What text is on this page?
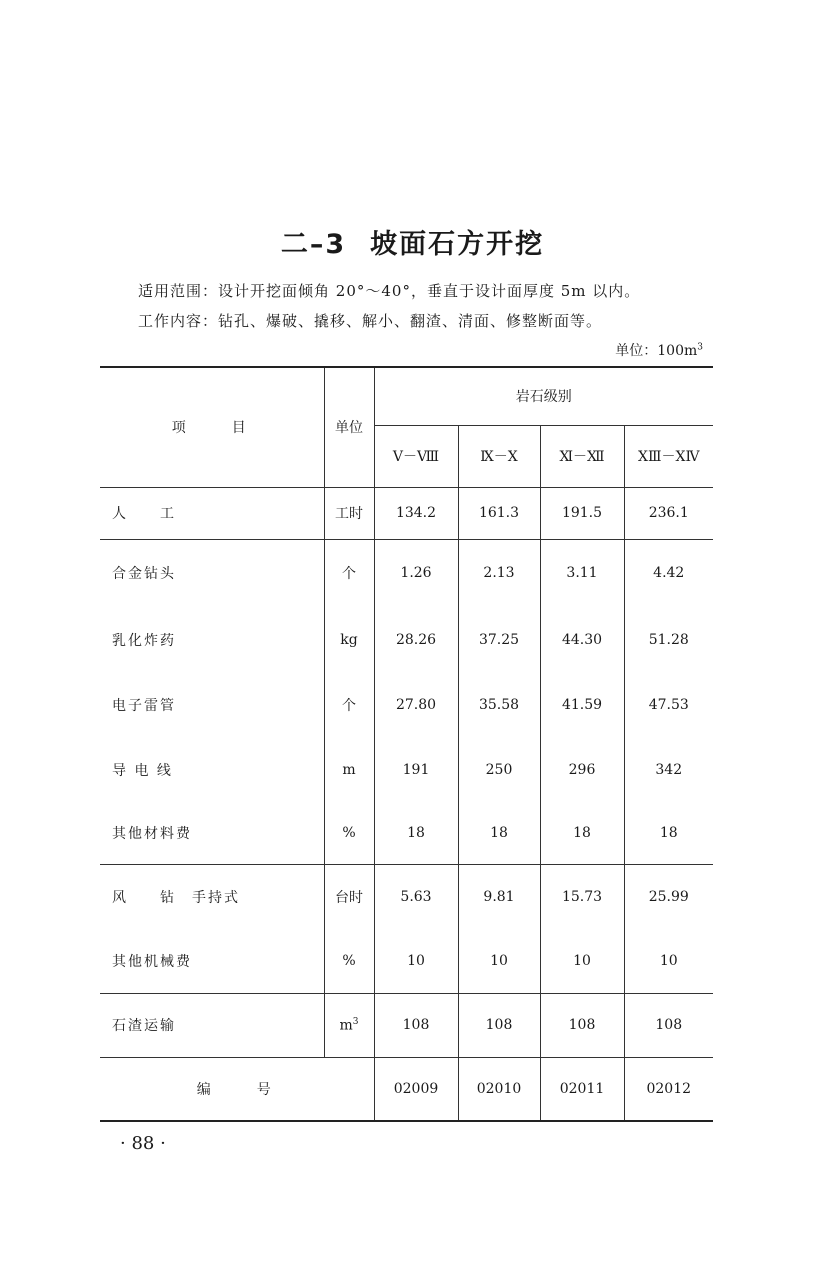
二–3 坡面石方开挖
适用范围：设计开挖面倾角 20°～40°，垂直于设计面厚度 5m 以内。
工作内容：钻孔、爆破、撬移、解小、翻渣、清面、修整断面等。
单位：$100m^3$
项　　目	单位	岩石级别			
		Ⅴ－Ⅷ	Ⅸ－Ⅹ	Ⅺ－Ⅻ	ⅩⅢ－ⅩⅣ
人　　工	工时	134.2	161.3	191.5	236.1
合金钻头	个	1.26	2.13	3.11	4.42
乳化炸药	kg	28.26	37.25	44.30	51.28
电子雷管	个	27.80	35.58	41.59	47.53
导 电 线	m	191	250	296	342
其他材料费	%	18	18	18	18
风　　钻　手持式	台时	5.63	9.81	15.73	25.99
其他机械费	%	10	10	10	10
石渣运输	$m^3$	108	108	108	108
编　　号		02009	02010	02011	02012
· 88 ·
